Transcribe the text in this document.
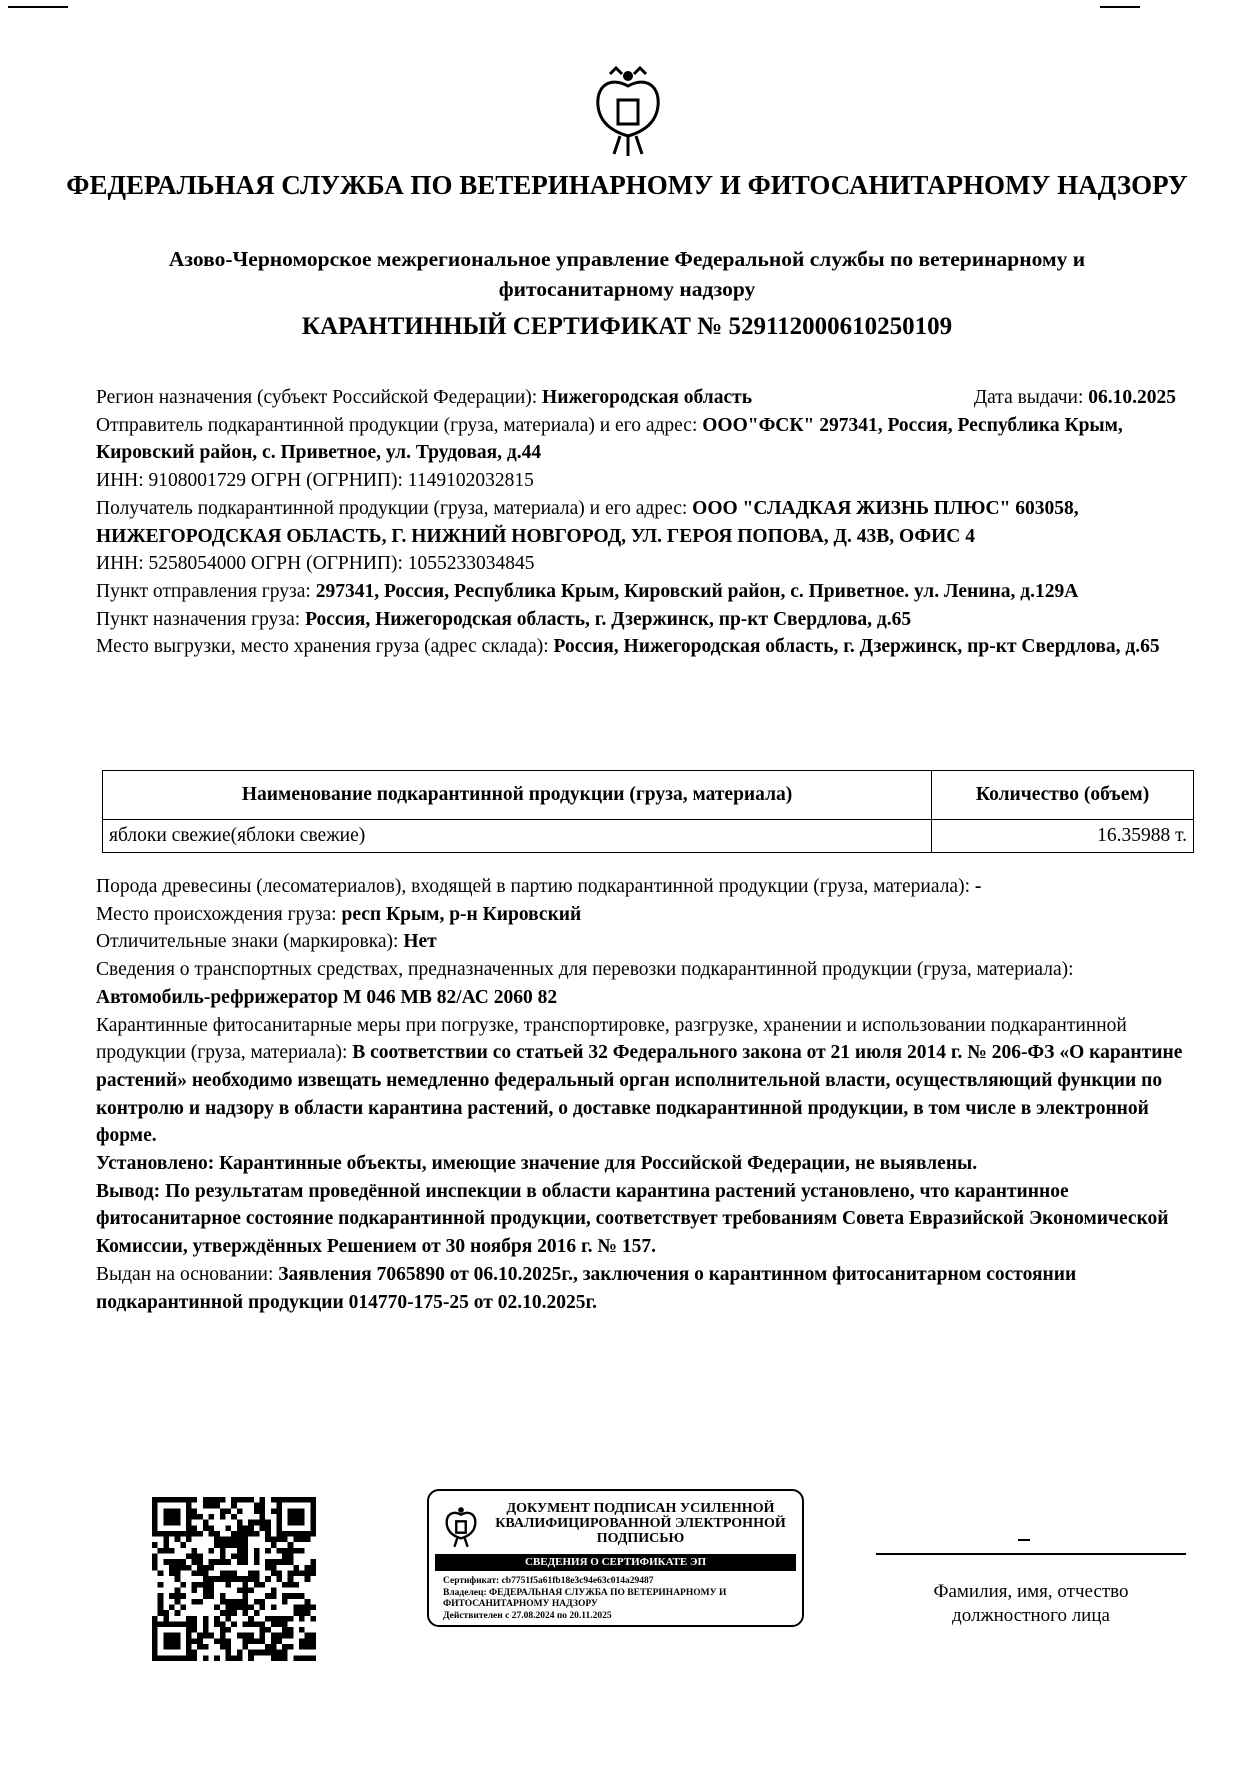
ФЕДЕРАЛЬНАЯ СЛУЖБА ПО ВЕТЕРИНАРНОМУ И ФИТОСАНИТАРНОМУ НАДЗОРУ
Азово-Черноморское межрегиональное управление Федеральной службы по ветеринарному и фитосанитарному надзору
КАРАНТИННЫЙ СЕРТИФИКАТ № 5291120006102501​09

Регион назначения (субъект Российской Федерации): Нижегородская область	Дата выдачи: 06.10.2025

Отправитель подкарантинной продукции (груза, материала) и его адрес: ООО"ФСК" 297341, Россия, Республика Крым, Кировский район, с. Приветное, ул. Трудовая, д.44

ИНН: 9108001729 ОГРН (ОГРНИП): 1149102032815

Получатель подкарантинной продукции (груза, материала) и его адрес: ООО "СЛАДКАЯ ЖИЗНЬ ПЛЮС" 603058, НИЖЕГОРОДСКАЯ ОБЛАСТЬ, Г. НИЖНИЙ НОВГОРОД, УЛ. ГЕРОЯ ПОПОВА, Д. 43В, ОФИС 4

ИНН: 5258054000 ОГРН (ОГРНИП): 1055233034845

Пункт отправления груза: 297341, Россия, Республика Крым, Кировский район, с. Приветное. ул. Ленина, д.129А

Пункт назначения груза: Россия, Нижегородская область, г. Дзержинск, пр-кт Свердлова, д.65

Место выгрузки, место хранения груза (адрес склада): Россия, Нижегородская область, г. Дзержинск, пр-кт Свердлова, д.65

Наименование подкарантинной продукции (груза, материала)	Количество (объем)
яблоки свежие(яблоки свежие)	16.35988 т.

Порода древесины (лесоматериалов), входящей в партию подкарантинной продукции (груза, материала): -

Место происхождения груза: респ Крым, р-н Кировский

Отличительные знаки (маркировка): Нет

Сведения о транспортных средствах, предназначенных для перевозки подкарантинной продукции (груза, материала): Автомобиль-рефрижератор М 046 МВ 82/АС 2060 82

Карантинные фитосанитарные меры при погрузке, транспортировке, разгрузке, хранении и использовании подкарантинной продукции (груза, материала): В соответствии со статьей 32 Федерального закона от 21 июля 2014 г. № 206-ФЗ «О карантине растений» необходимо извещать немедленно федеральный орган исполнительной власти, осуществляющий функции по контролю и надзору в области карантина растений, о доставке подкарантинной продукции, в том числе в электронной форме.

Установлено: Карантинные объекты, имеющие значение для Российской Федерации, не выявлены.

Вывод: По результатам проведённой инспекции в области карантина растений установлено, что карантинное фитосанитарное состояние подкарантинной продукции, соответствует требованиям Совета Евразийской Экономической Комиссии, утверждённых Решением от 30 ноября 2016 г. № 157.

Выдан на основании: Заявления 7065890 от 06.10.2025г., заключения о карантинном фитосанитарном состоянии подкарантинной продукции 014770-175-25 от 02.10.2025г.

ДОКУМЕНТ ПОДПИСАН УСИЛЕННОЙ КВАЛИФИЦИРОВАННОЙ ЭЛЕКТРОННОЙ ПОДПИСЬЮ
СВЕДЕНИЯ О СЕРТИФИКАТЕ ЭП
Сертификат: cb7751f5a61fb18e3c94e63c014a29487
Владелец: ФЕДЕРАЛЬНАЯ СЛУЖБА ПО ВЕТЕРИНАРНОМУ И ФИТОСАНИТАРНОМУ НАДЗОРУ
Действителен с 27.08.2024 по 20.11.2025
Фамилия, имя, отчество должностного лица
